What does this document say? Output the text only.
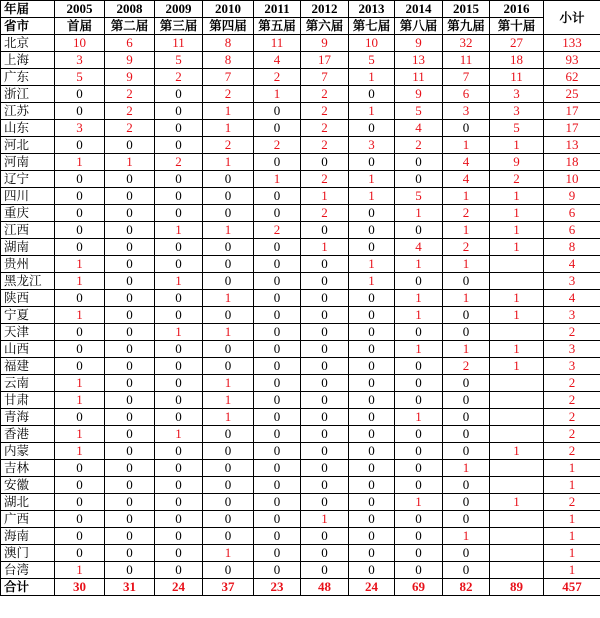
年届	2005	2008	2009	2010	2011	2012	2013	2014	2015	2016	小计
省市	首届	第二届	第三届	第四届	第五届	第六届	第七届	第八届	第九届	第十届	
北京	10	6	11	8	11	9	10	9	32	27	133
上海	3	9	5	8	4	17	5	13	11	18	93
广东	5	9	2	7	2	7	1	11	7	11	62
浙江	0	2	0	2	1	2	0	9	6	3	25
江苏	0	2	0	1	0	2	1	5	3	3	17
山东	3	2	0	1	0	2	0	4	0	5	17
河北	0	0	0	2	2	2	3	2	1	1	13
河南	1	1	2	1	0	0	0	0	4	9	18
辽宁	0	0	0	0	1	2	1	0	4	2	10
四川	0	0	0	0	0	1	1	5	1	1	9
重庆	0	0	0	0	0	2	0	1	2	1	6
江西	0	0	1	1	2	0	0	0	1	1	6
湖南	0	0	0	0	0	1	0	4	2	1	8
贵州	1	0	0	0	0	0	1	1	1		4
黑龙江	1	0	1	0	0	0	1	0	0		3
陕西	0	0	0	1	0	0	0	1	1	1	4
宁夏	1	0	0	0	0	0	0	1	0	1	3
天津	0	0	1	1	0	0	0	0	0		2
山西	0	0	0	0	0	0	0	1	1	1	3
福建	0	0	0	0	0	0	0	0	2	1	3
云南	1	0	0	1	0	0	0	0	0		2
甘肃	1	0	0	1	0	0	0	0	0		2
青海	0	0	0	1	0	0	0	1	0		2
香港	1	0	1	0	0	0	0	0	0		2
内蒙	1	0	0	0	0	0	0	0	0	1	2
吉林	0	0	0	0	0	0	0	0	1		1
安徽	0	0	0	0	0	0	0	0	0		1
湖北	0	0	0	0	0	0	0	1	0	1	2
广西	0	0	0	0	0	1	0	0	0		1
海南	0	0	0	0	0	0	0	0	1		1
澳门	0	0	0	1	0	0	0	0	0		1
台湾	1	0	0	0	0	0	0	0	0		1
合计	30	31	24	37	23	48	24	69	82	89	457
